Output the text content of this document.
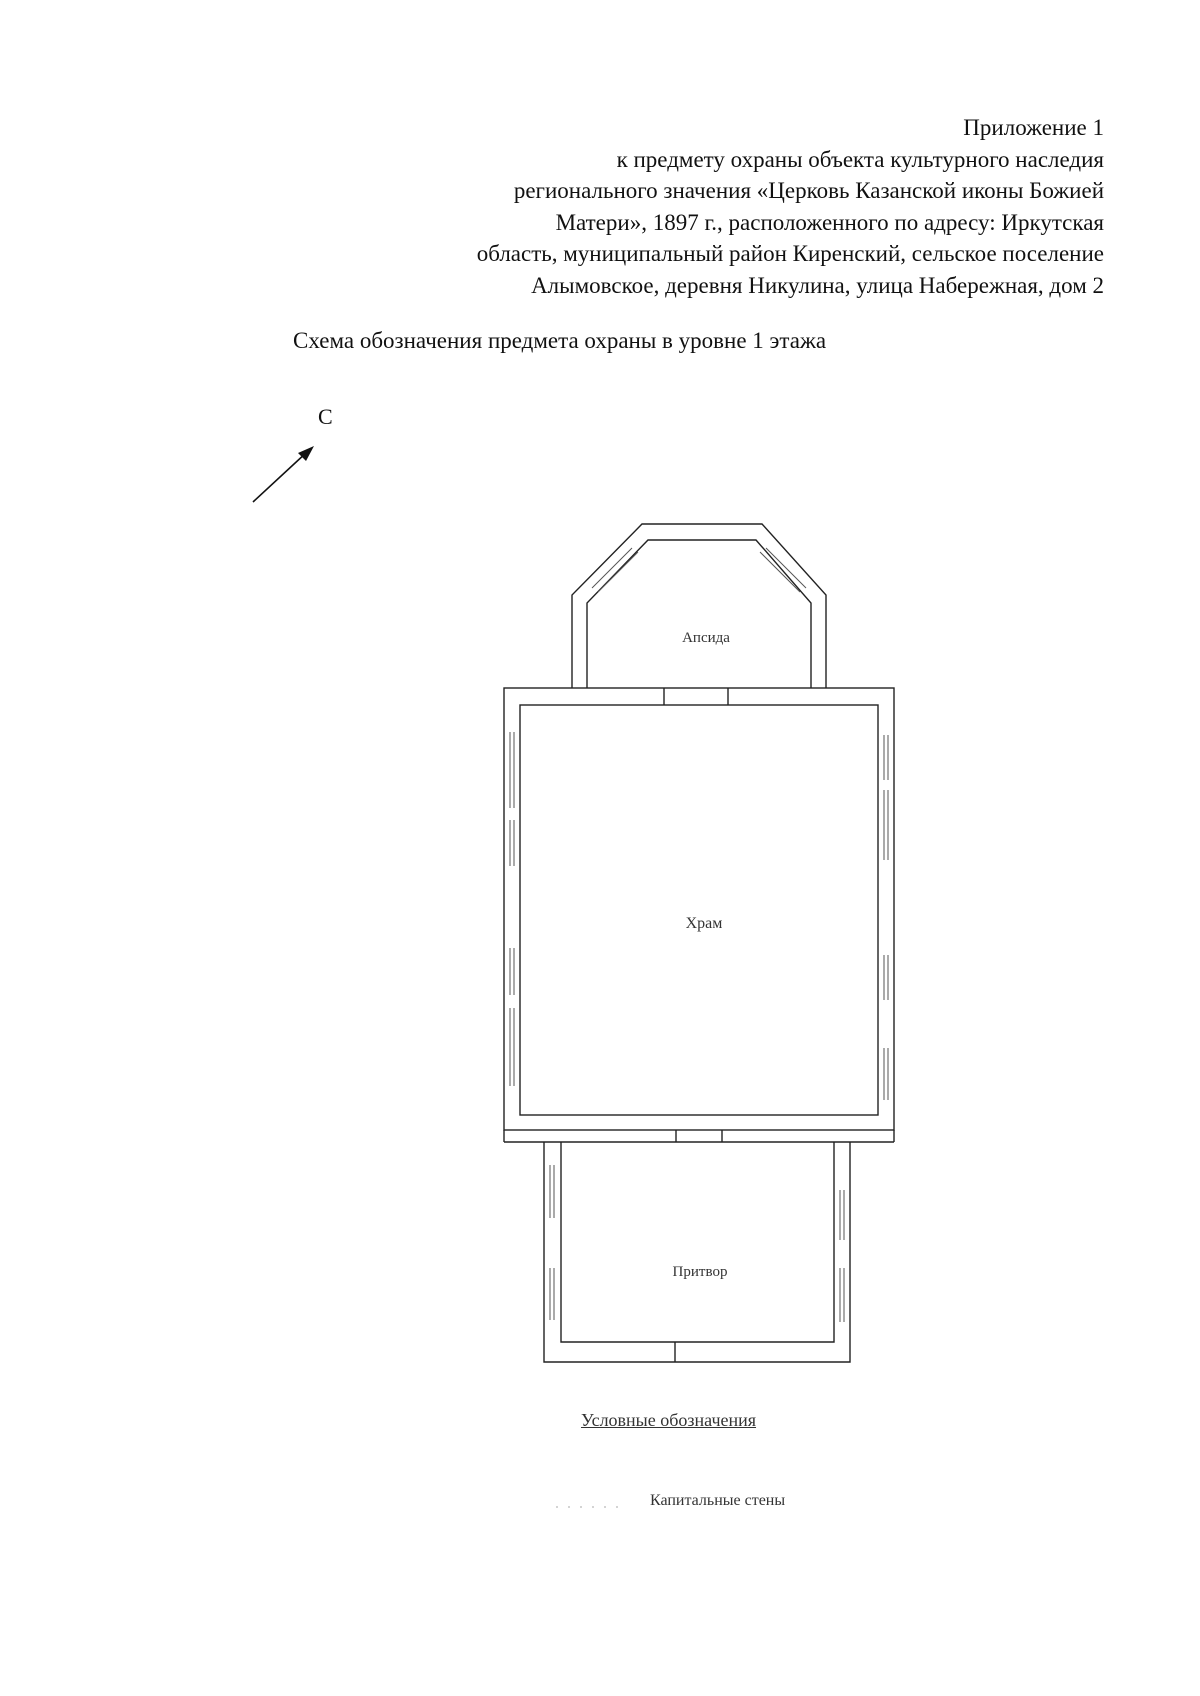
Приложение 1
к предмету охраны объекта культурного наследия
регионального значения «Церковь Казанской иконы Божией
Матери», 1897 г., расположенного по адресу: Иркутская
область, муниципальный район Киренский, сельское поселение
Алымовское, деревня Никулина, улица Набережная, дом 2
Схема обозначения предмета охраны в уровне 1 этажа
С
Апсида
Храм
Притвор
Условные обозначения
Капитальные стены
